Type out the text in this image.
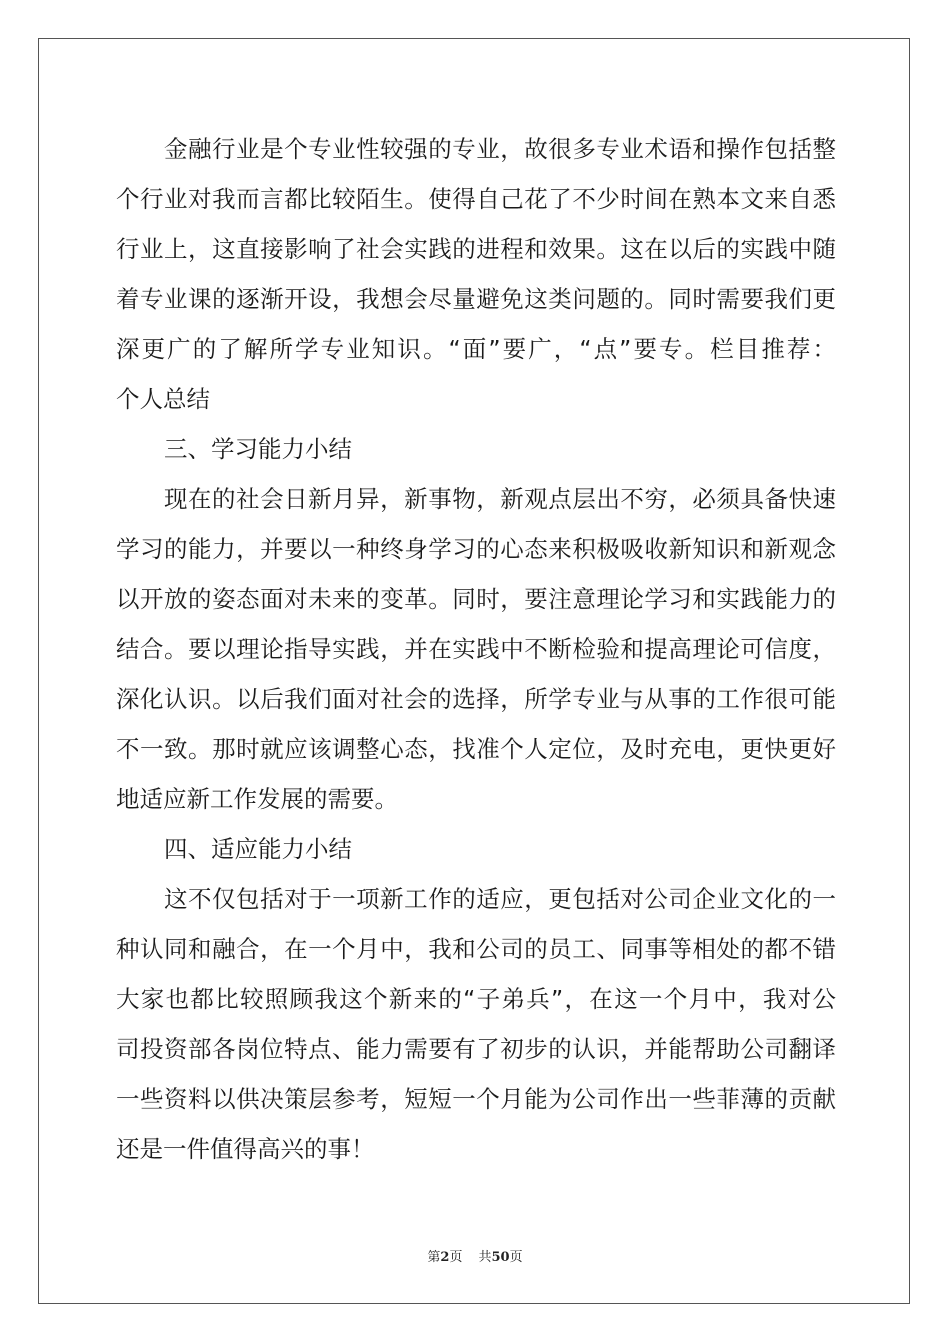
金融行业是个专业性较强的专业，故很多专业术语和操作包括整
个行业对我而言都比较陌生。使得自己花了不少时间在熟本文来自悉
行业上，这直接影响了社会实践的进程和效果。这在以后的实践中随
着专业课的逐渐开设，我想会尽量避免这类问题的。同时需要我们更
深更广的了解所学专业知识。“面”要广，“点”要专。栏目推荐：
个人总结
三、学习能力小结
现在的社会日新月异，新事物，新观点层出不穷，必须具备快速
学习的能力，并要以一种终身学习的心态来积极吸收新知识和新观念
以开放的姿态面对未来的变革。同时，要注意理论学习和实践能力的
结合。要以理论指导实践，并在实践中不断检验和提高理论可信度，
深化认识。以后我们面对社会的选择，所学专业与从事的工作很可能
不一致。那时就应该调整心态，找准个人定位，及时充电，更快更好
地适应新工作发展的需要。
四、适应能力小结
这不仅包括对于一项新工作的适应，更包括对公司企业文化的一
种认同和融合，在一个月中，我和公司的员工、同事等相处的都不错
大家也都比较照顾我这个新来的“子弟兵”，在这一个月中，我对公
司投资部各岗位特点、能力需要有了初步的认识，并能帮助公司翻译
一些资料以供决策层参考，短短一个月能为公司作出一些菲薄的贡献
还是一件值得高兴的事！
第2页 共50页
